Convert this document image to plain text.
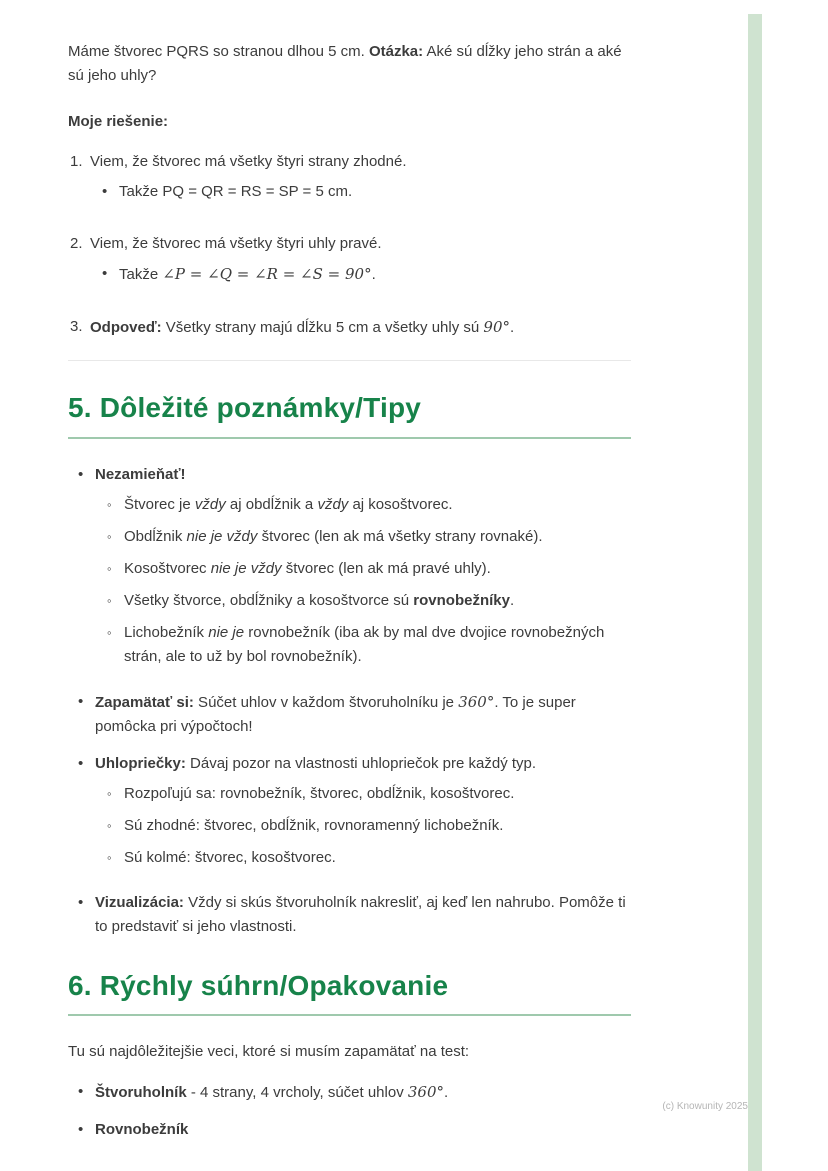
Máme štvorec PQRS so stranou dlhou 5 cm. Otázka: Aké sú dĺžky jeho strán a aké sú jeho uhly?

Moje riešenie:

1. Viem, že štvorec má všetky štyri strany zhodné.
• Takže PQ = QR = RS = SP = 5 cm.
2. Viem, že štvorec má všetky štyri uhly pravé.
• Takže ∠P = ∠Q = ∠R = ∠S = 90°.
3. Odpoveď: Všetky strany majú dĺžku 5 cm a všetky uhly sú 90°.
5. Dôležité poznámky/Tipy
• Nezamieňať!
◦ Štvorec je vždy aj obdĺžnik a vždy aj kosoštvorec.
◦ Obdĺžnik nie je vždy štvorec (len ak má všetky strany rovnaké).
◦ Kosoštvorec nie je vždy štvorec (len ak má pravé uhly).
◦ Všetky štvorce, obdĺžniky a kosoštvorce sú rovnobežníky.
◦ Lichobežník nie je rovnobežník (iba ak by mal dve dvojice rovnobežných strán, ale to už by bol rovnobežník).
• Zapamätať si: Súčet uhlov v každom štvoruholníku je 360°. To je super pomôcka pri výpočtoch!
• Uhlopriečky: Dávaj pozor na vlastnosti uhlopriečok pre každý typ.
◦ Rozpoľujú sa: rovnobežník, štvorec, obdĺžnik, kosoštvorec.
◦ Sú zhodné: štvorec, obdĺžnik, rovnoramenný lichobežník.
◦ Sú kolmé: štvorec, kosoštvorec.
• Vizualizácia: Vždy si skús štvoruholník nakresliť, aj keď len nahrubo. Pomôže ti to predstaviť si jeho vlastnosti.
6. Rýchly súhrn/Opakovanie

Tu sú najdôležitejšie veci, ktoré si musím zapamätať na test:

• Štvoruholník - 4 strany, 4 vrcholy, súčet uhlov 360°.
• Rovnobežník
(c) Knowunity 2025
